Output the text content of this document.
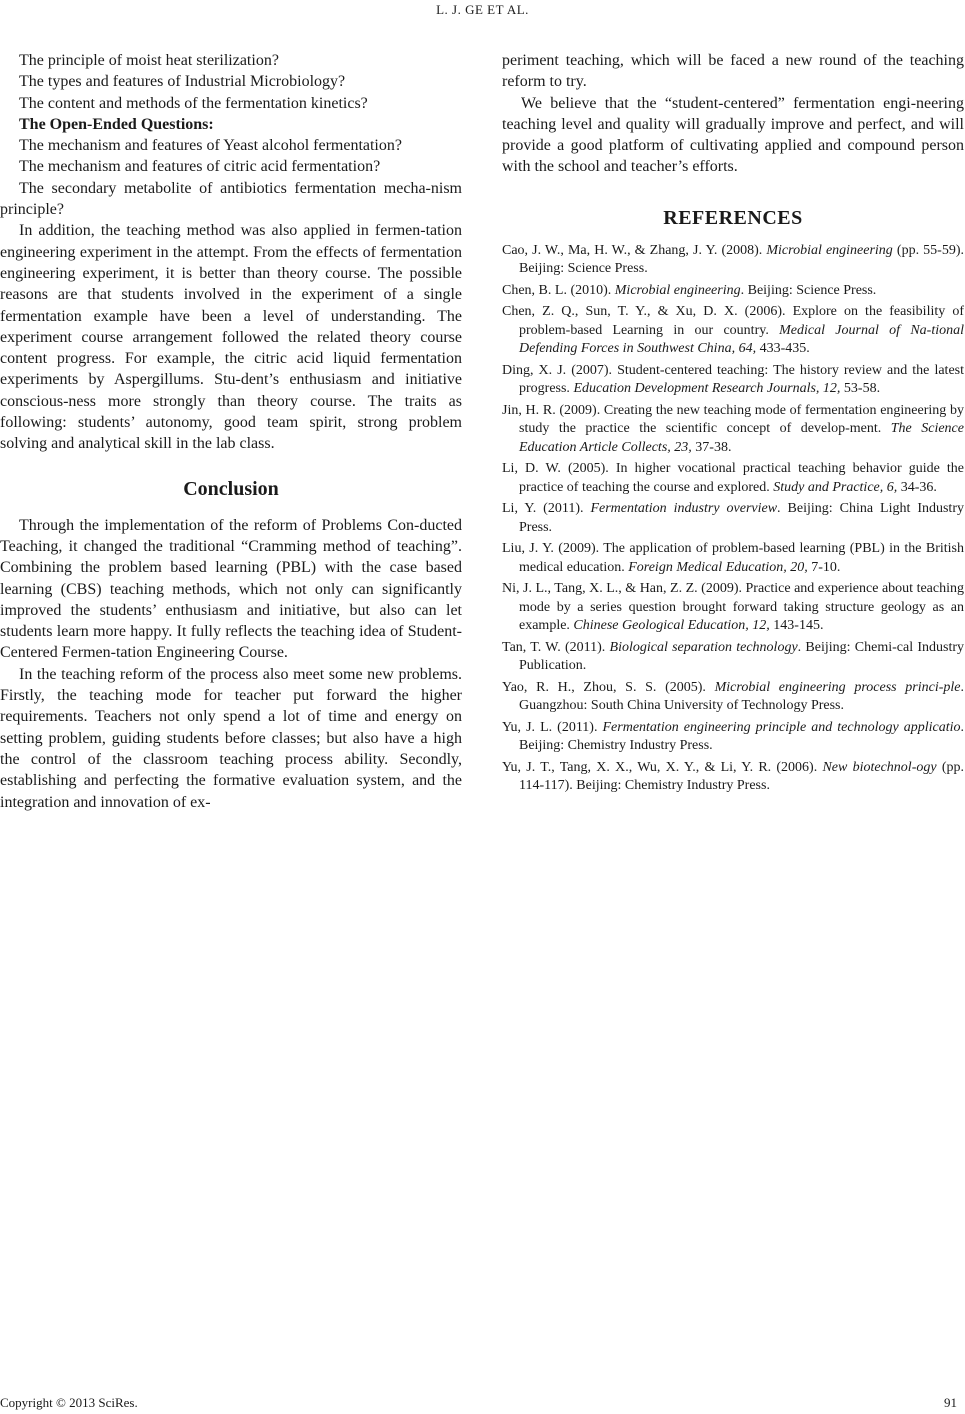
L. J. GE ET AL.

The principle of moist heat sterilization?

The types and features of Industrial Microbiology?

The content and methods of the fermentation kinetics?

The Open-Ended Questions:

The mechanism and features of Yeast alcohol fermentation?

The mechanism and features of citric acid fermentation?

The secondary metabolite of antibiotics fermentation mecha-nism principle?

In addition, the teaching method was also applied in fermen-tation engineering experiment in the attempt. From the effects of fermentation engineering experiment, it is better than theory course. The possible reasons are that students involved in the experiment of a single fermentation example have been a level of understanding. The experiment course arrangement followed the related theory course content progress. For example, the citric acid liquid fermentation experiments by Aspergillums. Stu-dent’s enthusiasm and initiative conscious-ness more strongly than theory course. The traits as following: students’ autonomy, good team spirit, strong problem solving and analytical skill in the lab class.

Conclusion

Through the implementation of the reform of Problems Con-ducted Teaching, it changed the traditional “Cramming method of teaching”. Combining the problem based learning (PBL) with the case based learning (CBS) teaching methods, which not only can significantly improved the students’ enthusiasm and initiative, but also can let students learn more happy. It fully reflects the teaching idea of Student-Centered Fermen-tation Engineering Course.

In the teaching reform of the process also meet some new problems. Firstly, the teaching mode for teacher put forward the higher requirements. Teachers not only spend a lot of time and energy on setting problem, guiding students before classes; but also have a high the control of the classroom teaching process ability. Secondly, establishing and perfecting the formative evaluation system, and the integration and innovation of ex-

periment teaching, which will be faced a new round of the teaching reform to try.

We believe that the “student-centered” fermentation engi-neering teaching level and quality will gradually improve and perfect, and will provide a good platform of cultivating applied and compound person with the school and teacher’s efforts.

REFERENCES

Cao, J. W., Ma, H. W., & Zhang, J. Y. (2008). Microbial engineering (pp. 55-59). Beijing: Science Press.

Chen, B. L. (2010). Microbial engineering. Beijing: Science Press.

Chen, Z. Q., Sun, T. Y., & Xu, D. X. (2006). Explore on the feasibility of problem-based Learning in our country. Medical Journal of Na-tional Defending Forces in Southwest China, 64, 433-435.

Ding, X. J. (2007). Student-centered teaching: The history review and the latest progress. Education Development Research Journals, 12, 53-58.

Jin, H. R. (2009). Creating the new teaching mode of fermentation engineering by study the practice the scientific concept of develop-ment. The Science Education Article Collects, 23, 37-38.

Li, D. W. (2005). In higher vocational practical teaching behavior guide the practice of teaching the course and explored. Study and Practice, 6, 34-36.

Li, Y. (2011). Fermentation industry overview. Beijing: China Light Industry Press.

Liu, J. Y. (2009). The application of problem-based learning (PBL) in the British medical education. Foreign Medical Education, 20, 7-10.

Ni, J. L., Tang, X. L., & Han, Z. Z. (2009). Practice and experience about teaching mode by a series question brought forward taking structure geology as an example. Chinese Geological Education, 12, 143-145.

Tan, T. W. (2011). Biological separation technology. Beijing: Chemi-cal Industry Publication.

Yao, R. H., Zhou, S. S. (2005). Microbial engineering process princi-ple. Guangzhou: South China University of Technology Press.

Yu, J. L. (2011). Fermentation engineering principle and technology applicatio. Beijing: Chemistry Industry Press.

Yu, J. T., Tang, X. X., Wu, X. Y., & Li, Y. R. (2006). New biotechnol-ogy (pp. 114-117). Beijing: Chemistry Industry Press.

Copyright © 2013 SciRes.	91
